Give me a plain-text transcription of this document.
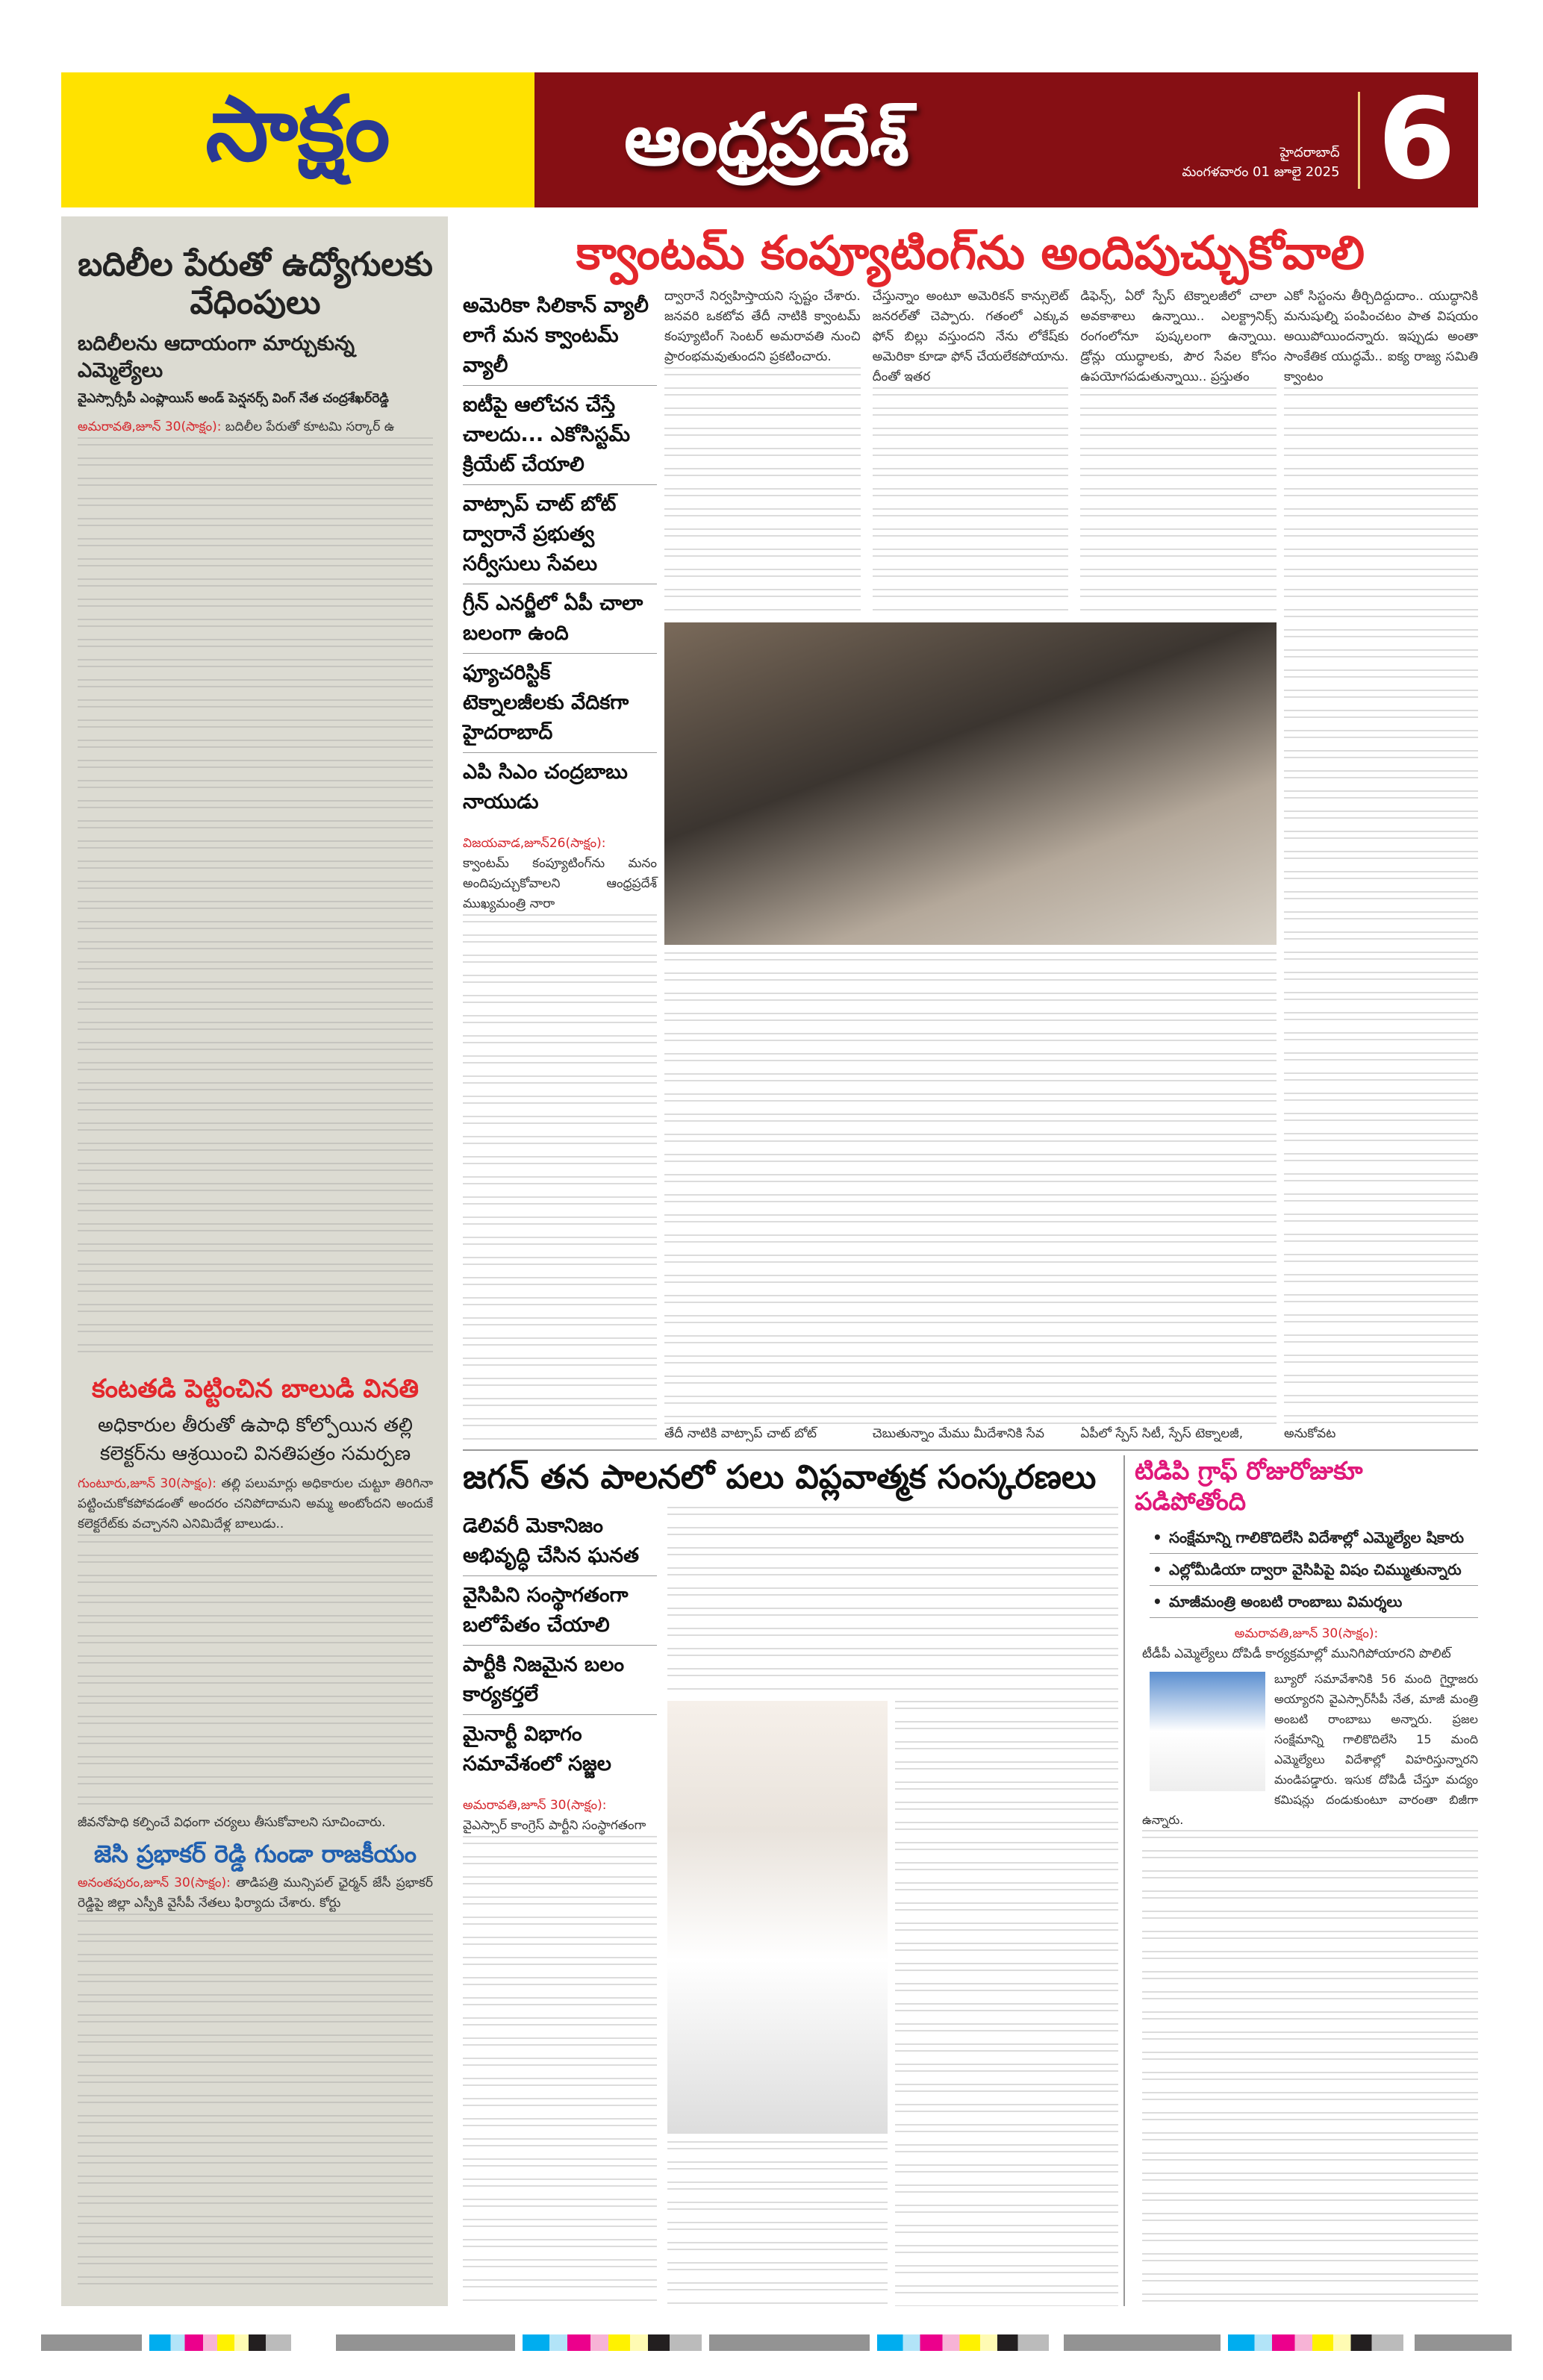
సాక్షం	ఆంధ్రప్రదేశ్	హైదరాబాద్
మంగళవారం 01 జూలై 2025 6
బదిలీల పేరుతో ఉద్యోగులకు వేధింపులు
బదిలీలను ఆదాయంగా మార్చుకున్న ఎమ్మెల్యేలు
వైఎస్సార్సీపీ ఎంప్లాయిస్ అండ్ పెన్షనర్స్ వింగ్ నేత చంద్రశేఖర్‌రెడ్డి
అమరావతి,జూన్ 30(సాక్షం): బదిలీల పేరుతో కూటమి సర్కార్ ఉ
కంటతడి పెట్టించిన బాలుడి వినతి
అధికారుల తీరుతో ఉపాధి కోల్పోయిన తల్లి కలెక్టర్‌ను ఆశ్రయించి వినతిపత్రం సమర్పణ
గుంటూరు,జూన్ 30(సాక్షం): తల్లి పలుమార్లు అధికారుల చుట్టూ తిరిగినా పట్టించుకోకపోవడంతో అందరం చనిపోదామని అమ్మ అంటోందని అందుకే కలెక్టరేట్‌కు వచ్చానని ఎనిమిదేళ్ల బాలుడు..
జీవనోపాధి కల్పించే విధంగా చర్యలు తీసుకోవాలని సూచించారు.
జెసి ప్రభాకర్ రెడ్డి గుండా రాజకీయం
అనంతపురం,జూన్ 30(సాక్షం): తాడిపత్రి మున్సిపల్ ఛైర్మన్ జేసీ ప్రభాకర్ రెడ్డిపై జిల్లా ఎస్పీకి వైసీపీ నేతలు ఫిర్యాదు చేశారు. కోర్టు
క్వాంటమ్ కంప్యూటింగ్‌ను అందిపుచ్చుకోవాలి
అమెరికా సిలికాన్ వ్యాలీ లాగే మన క్వాంటమ్ వ్యాలీ
ఐటీపై ఆలోచన చేస్తే చాలదు... ఎకోసిస్టమ్ క్రియేట్ చేయాలి
వాట్సాప్ చాట్ బోట్ ద్వారానే ప్రభుత్వ సర్వీసులు సేవలు
గ్రీన్ ఎనర్జీలో ఏపీ చాలా బలంగా ఉంది
ఫ్యూచరిస్టిక్ టెక్నాలజీలకు వేదికగా హైదరాబాద్
ఎపి సిఎం చంద్రబాబు నాయుడు
విజయవాడ,జూన్26(సాక్షం):
క్వాంటమ్ కంప్యూటింగ్‌ను మనం అందిపుచ్చుకోవాలని ఆంధ్రప్రదేశ్ ముఖ్యమంత్రి నారా
ద్వారానే నిర్వహిస్తాయని స్పష్టం చేశారు. జనవరి ఒకటోవ తేదీ నాటికి క్వాంటమ్ కంప్యూటింగ్ సెంటర్ అమరావతి నుంచి ప్రారంభమవుతుందని ప్రకటించారు.
చేస్తున్నాం అంటూ అమెరికన్ కాన్సులెట్ జనరల్‌తో చెప్పారు. గతంలో ఎక్కువ ఫోన్ బిల్లు వస్తుందని నేను లోకేష్‌కు అమెరికా కూడా ఫోన్ చేయలేకపోయాను. దీంతో ఇతర
డిఫెన్స్, ఏరో స్పేస్ టెక్నాలజీలో చాలా అవకాశాలు ఉన్నాయి.. ఎలక్ట్రానిక్స్ రంగంలోనూ పుష్కలంగా ఉన్నాయి. డ్రోన్లు యుద్ధాలకు, పౌర సేవల కోసం ఉపయోగపడుతున్నాయి.. ప్రస్తుతం
తేదీ నాటికి వాట్సాప్ చాట్ బోట్	చెబుతున్నాం మేము మీదేశానికి సేవ	ఏపీలో స్పేస్ సిటీ, స్పేస్ టెక్నాలజీ,
ఎకో సిస్టంను తీర్చిదిద్దుదాం.. యుద్ధానికి మనుషుల్ని పంపించటం పాత విషయం అయిపోయిందన్నారు. ఇప్పుడు అంతా సాంకేతిక యుద్ధమే.. ఐక్య రాజ్య సమితి క్వాంటం
అనుకోవట
జగన్ తన పాలనలో పలు విప్లవాత్మక సంస్కరణలు
డెలివరీ మెకానిజం అభివృద్ధి చేసిన ఘనత
వైసిపిని సంస్థాగతంగా బలోపేతం చేయాలి
పార్టీకి నిజమైన బలం కార్యకర్తలే
మైనార్టీ విభాగం సమావేశంలో సజ్జల
అమరావతి,జూన్ 30(సాక్షం):
వైఎస్సార్ కాంగ్రెస్ పార్టీని సంస్థాగతంగా
టిడిపి గ్రాఫ్ రోజురోజుకూ పడిపోతోంది
• సంక్షేమాన్ని గాలికొదిలేసి విదేశాల్లో ఎమ్మెల్యేల షికారు
• ఎల్లోమీడియా ద్వారా వైసిపిపై విషం చిమ్ముతున్నారు
• మాజీమంత్రి అంబటి రాంబాబు విమర్శలు
అమరావతి,జూన్ 30(సాక్షం):
టీడీపీ ఎమ్మెల్యేలు దోపిడీ కార్యక్రమాల్లో మునిగిపోయారని పొలిట్
బ్యూరో సమావేశానికి 56 మంది గైర్హాజరు అయ్యారని వైఎస్సార్‌సీపీ నేత, మాజీ మంత్రి అంబటి రాంబాబు అన్నారు. ప్రజల సంక్షేమాన్ని గాలికొదిలేసి 15 మంది ఎమ్మెల్యేలు విదేశాల్లో విహరిస్తున్నారని మండిపడ్డారు. ఇసుక దోపిడీ చేస్తూ మద్యం కమిషన్లు దండుకుంటూ వారంతా బిజీగా ఉన్నారు.
